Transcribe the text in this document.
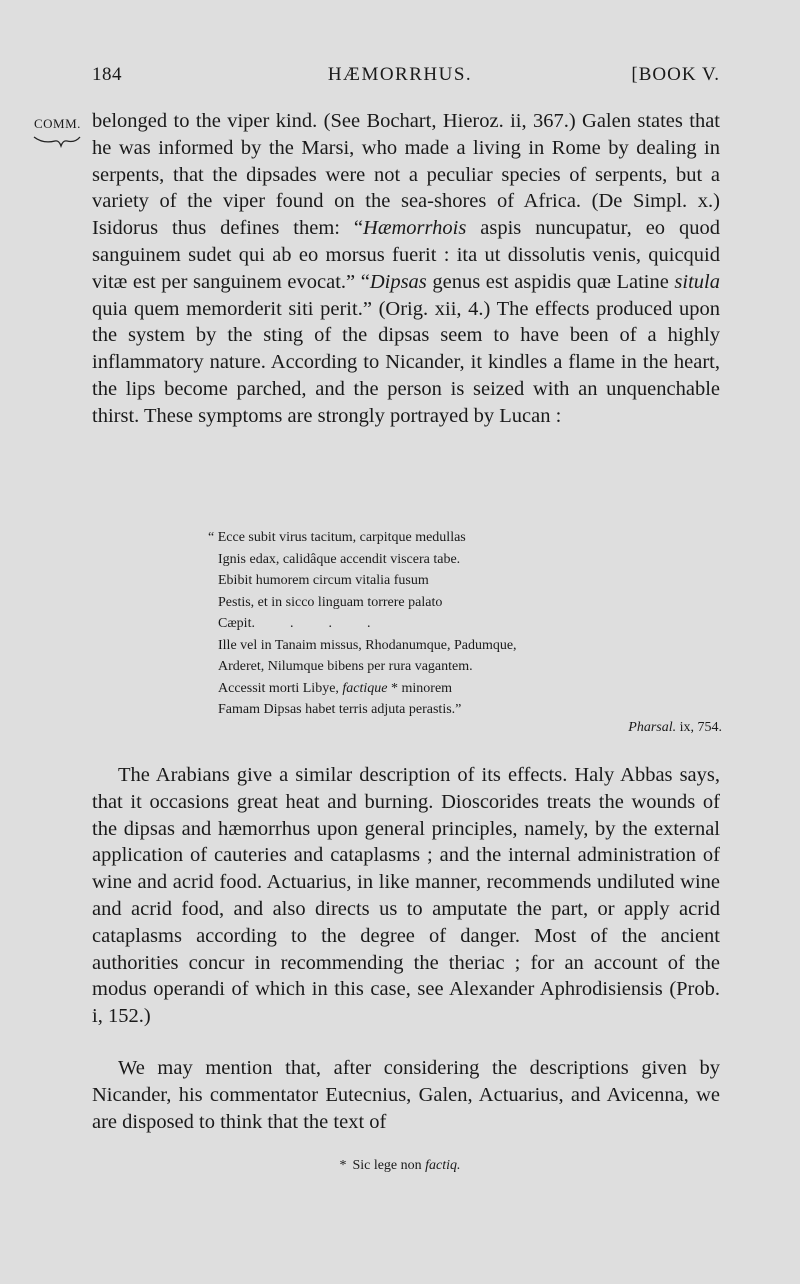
184	HÆMORRHUS.	[BOOK V.
COMM. belonged to the viper kind. (See Bochart, Hieroz. ii, 367.) Galen states that he was informed by the Marsi, who made a living in Rome by dealing in serpents, that the dipsades were not a peculiar species of serpents, but a variety of the viper found on the sea-shores of Africa. (De Simpl. x.) Isidorus thus defines them: “Hæmorrhois aspis nuncupatur, eo quod sanguinem sudet qui ab eo morsus fuerit : ita ut dissolutis venis, quicquid vitæ est per sanguinem evocat.” “Dipsas genus est aspidis quæ Latine situla quia quem memorderit siti perit.” (Orig. xii, 4.) The effects produced upon the system by the sting of the dipsas seem to have been of a highly inflammatory nature. According to Nicander, it kindles a flame in the heart, the lips become parched, and the person is seized with an unquenchable thirst. These symptoms are strongly portrayed by Lucan :

“ Ecce subit virus tacitum, carpitque medullas
Ignis edax, calidâque accendit viscera tabe.
Ebibit humorem circum vitalia fusum
Pestis, et in sicco linguam torrere palato
Cæpit.          .          .          .
Ille vel in Tanaim missus, Rhodanumque, Padumque,
Arderet, Nilumque bibens per rura vagantem.
Accessit morti Libye, factique * minorem
Famam Dipsas habet terris adjuta perastis.”
Pharsal. ix, 754.

The Arabians give a similar description of its effects. Haly Abbas says, that it occasions great heat and burning. Dioscorides treats the wounds of the dipsas and hæmorrhus upon general principles, namely, by the external application of cauteries and cataplasms ; and the internal administration of wine and acrid food. Actuarius, in like manner, recommends undiluted wine and acrid food, and also directs us to amputate the part, or apply acrid cataplasms according to the degree of danger. Most of the ancient authorities concur in recommending the theriac ; for an account of the modus operandi of which in this case, see Alexander Aphrodisiensis (Prob. i, 152.)

We may mention that, after considering the descriptions given by Nicander, his commentator Eutecnius, Galen, Actuarius, and Avicenna, we are disposed to think that the text of

* Sic lege non factiq.
